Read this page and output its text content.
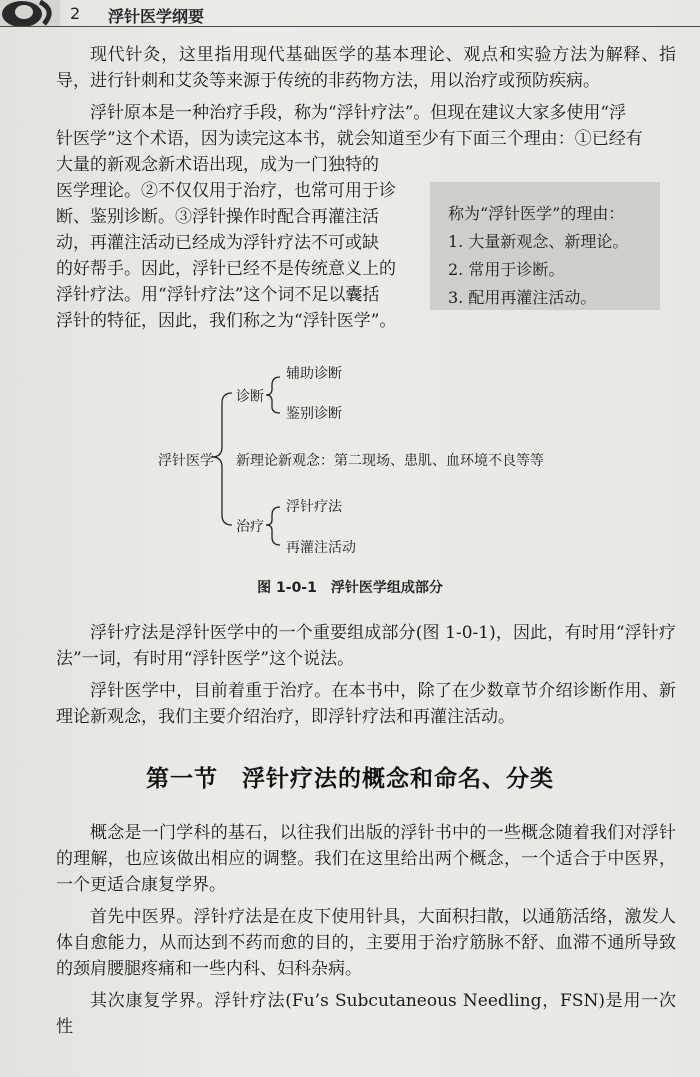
2 浮针医学纲要

现代针灸，这里指用现代基础医学的基本理论、观点和实验方法为解释、指导，进行针刺和艾灸等来源于传统的非药物方法，用以治疗或预防疾病。

浮针原本是一种治疗手段，称为“浮针疗法”。但现在建议大家多使用“浮
针医学”这个术语，因为读完这本书，就会知道至少有下面三个理由：①已经有
大量的新观念新术语出现，成为一门独特的
医学理论。②不仅仅用于治疗，也常可用于诊
断、鉴别诊断。③浮针操作时配合再灌注活
动，再灌注活动已经成为浮针疗法不可或缺
的好帮手。因此，浮针已经不是传统意义上的
浮针疗法。用“浮针疗法”这个词不足以囊括
浮针的特征，因此，我们称之为“浮针医学”。
称为“浮针医学”的理由：
1. 大量新观念、新理论。
2. 常用于诊断。
3. 配用再灌注活动。
浮针医学
诊断
辅助诊断
鉴别诊断
新理论新观念：第二现场、患肌、血环境不良等等
治疗
浮针疗法
再灌注活动
图 1-0-1　浮针医学组成部分

浮针疗法是浮针医学中的一个重要组成部分(图 1-0-1)，因此，有时用“浮针疗法”一词，有时用“浮针医学”这个说法。

浮针医学中，目前着重于治疗。在本书中，除了在少数章节介绍诊断作用、新理论新观念，我们主要介绍治疗，即浮针疗法和再灌注活动。

第一节　浮针疗法的概念和命名、分类

概念是一门学科的基石，以往我们出版的浮针书中的一些概念随着我们对浮针的理解，也应该做出相应的调整。我们在这里给出两个概念，一个适合于中医界，一个更适合康复学界。

首先中医界。浮针疗法是在皮下使用针具，大面积扫散，以通筋活络，激发人体自愈能力，从而达到不药而愈的目的，主要用于治疗筋脉不舒、血滞不通所导致的颈肩腰腿疼痛和一些内科、妇科杂病。

其次康复学界。浮针疗法(Fu’s Subcutaneous Needling，FSN)是用一次性
